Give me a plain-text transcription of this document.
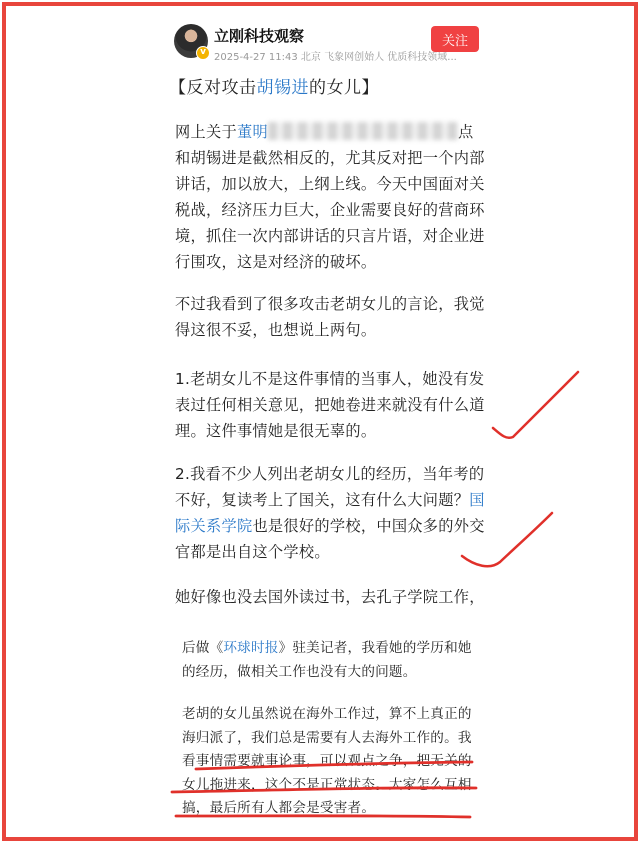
v
立刚科技观察
2025-4-27 11:43 北京 飞象网创始人 优质科技领域...
关注
【反对攻击胡锡进的女儿】
网上关于董明	点和胡锡进是截然相反的，尤其反对把一个内部讲话，加以放大，上纲上线。今天中国面对关税战，经济压力巨大，企业需要良好的营商环境，抓住一次内部讲话的只言片语，对企业进行围攻，这是对经济的破坏。
不过我看到了很多攻击老胡女儿的言论，我觉得这很不妥，也想说上两句。
1.老胡女儿不是这件事情的当事人，她没有发表过任何相关意见，把她卷进来就没有什么道理。这件事情她是很无辜的。
2.我看不少人列出老胡女儿的经历，当年考的不好，复读考上了国关，这有什么大问题？国际关系学院也是很好的学校，中国众多的外交官都是出自这个学校。
她好像也没去国外读过书，去孔子学院工作，
后做《环球时报》驻美记者，我看她的学历和她的经历，做相关工作也没有大的问题。
老胡的女儿虽然说在海外工作过，算不上真正的海归派了，我们总是需要有人去海外工作的。我看事情需要就事论事，可以观点之争，把无关的女儿拖进来，这个不是正常状态。大家怎么互相搞，最后所有人都会是受害者。
